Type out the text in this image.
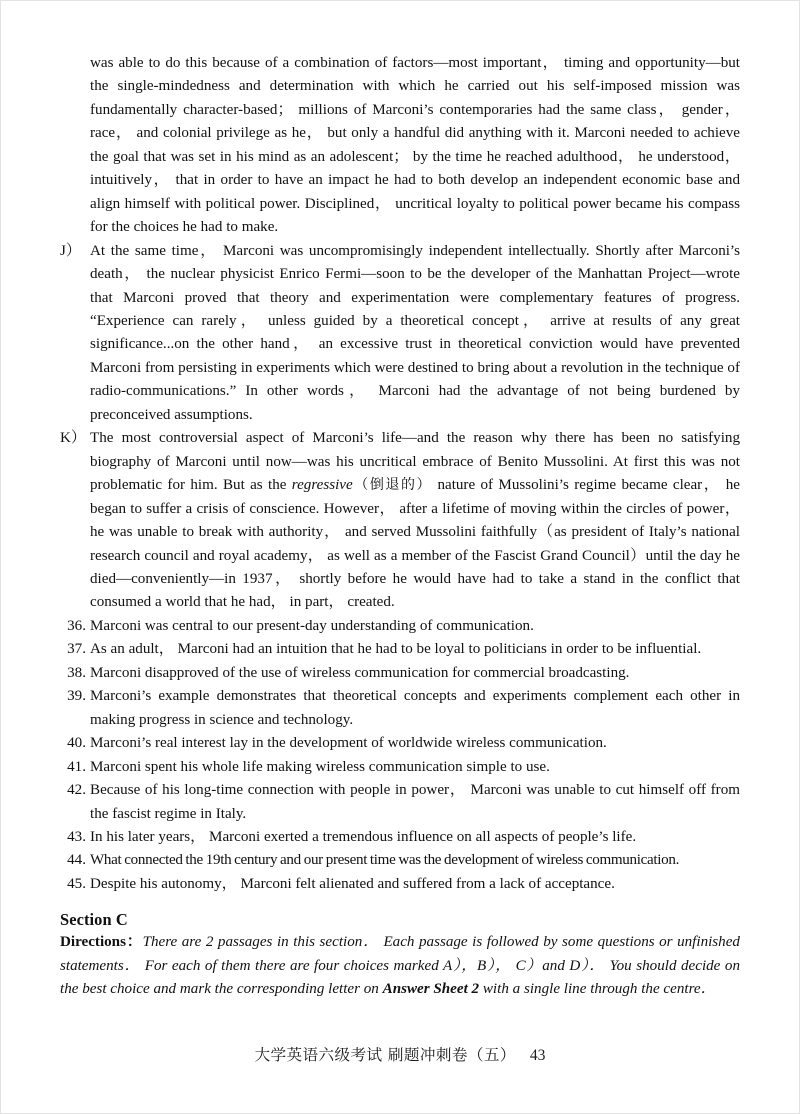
was able to do this because of a combination of factors—most important， timing and opportunity—but the single-mindedness and determination with which he carried out his self-imposed mission was fundamentally character-based； millions of Marconi’s contemporaries had the same class， gender， race， and colonial privilege as he， but only a handful did anything with it. Marconi needed to achieve the goal that was set in his mind as an adolescent； by the time he reached adulthood， he understood， intuitively， that in order to have an impact he had to both develop an independent economic base and align himself with political power. Disciplined， uncritical loyalty to political power became his compass for the choices he had to make.

J） At the same time， Marconi was uncompromisingly independent intellectually. Shortly after Marconi’s death， the nuclear physicist Enrico Fermi—soon to be the developer of the Manhattan Project—wrote that Marconi proved that theory and experimentation were complementary features of progress. “Experience can rarely， unless guided by a theoretical concept， arrive at results of any great significance...on the other hand， an excessive trust in theoretical conviction would have prevented Marconi from persisting in experiments which were destined to bring about a revolution in the technique of radio-communications.” In other words， Marconi had the advantage of not being burdened by preconceived assumptions.

K） The most controversial aspect of Marconi’s life—and the reason why there has been no satisfying biography of Marconi until now—was his uncritical embrace of Benito Mussolini. At first this was not problematic for him. But as the regressive（倒退的） nature of Mussolini’s regime became clear， he began to suffer a crisis of conscience. However， after a lifetime of moving within the circles of power， he was unable to break with authority， and served Mussolini faithfully（as president of Italy’s national research council and royal academy， as well as a member of the Fascist Grand Council）until the day he died—conveniently—in 1937， shortly before he would have had to take a stand in the conflict that consumed a world that he had， in part， created.

36. Marconi was central to our present-day understanding of communication.

37. As an adult， Marconi had an intuition that he had to be loyal to politicians in order to be influential.

38. Marconi disapproved of the use of wireless communication for commercial broadcasting.

39. Marconi’s example demonstrates that theoretical concepts and experiments complement each other in making progress in science and technology.

40. Marconi’s real interest lay in the development of worldwide wireless communication.

41. Marconi spent his whole life making wireless communication simple to use.

42. Because of his long-time connection with people in power， Marconi was unable to cut himself off from the fascist regime in Italy.

43. In his later years， Marconi exerted a tremendous influence on all aspects of people’s life.

44. What connected the 19th century and our present time was the development of wireless communication.

45. Despite his autonomy， Marconi felt alienated and suffered from a lack of acceptance.

Section C

Directions：There are 2 passages in this section． Each passage is followed by some questions or unfinished statements． For each of them there are four choices marked A），B）， C）and D）． You should decide on the best choice and mark the corresponding letter on Answer Sheet 2 with a single line through the centre．

大学英语六级考试 刷题冲刺卷（五） 43
